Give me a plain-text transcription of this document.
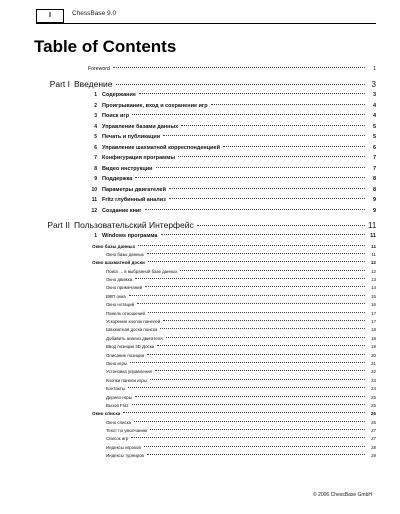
I	ChessBase 9.0
Table of Contents
Foreword	1
Part I Введение	3
1 Содержание	3
2 Проигрывание, вход и сохранение игр	4
3 Поиск игр	4
4 Управление базами данных	5
5 Печать и публикации	5
6 Управление шахматной корреспонденцией	6
7 Конфигурация программы	7
8 Видео инструкции	7
9 Поддержка	8
10 Параметры двигателей	8
11 Fritz глубинный анализ	9
12 Создание книг	9
Part II Пользовательский Интерфейс	11
1 Windows программа	11
Окно базы данных	11
Окно базы данных	11
Окно шахматной доски	12
Поиск ... в выбранной базе данных	12
Окно движка	13
Окно примечаний	14
ВФП окна	15
Окно нотаций	16
Панель отношений	17
Ускорение кнопок панелей	17
Шахматная доска поиска	18
Добавить анализ двигателя	18
Ввод позиции 3D Доски	19
Описание позиции	20
Окно игры	21
Установка управления	22
Кнопки панели игры	23
Контакты	24
Дерево игры	25
Вызов Fritz	25
Окно списка	26
Окно списка	26
Текст по умолчанию	27
Список игр	27
Индексы игроков	28
Индексы турниров	29
© 2006 ChessBase GmbH
